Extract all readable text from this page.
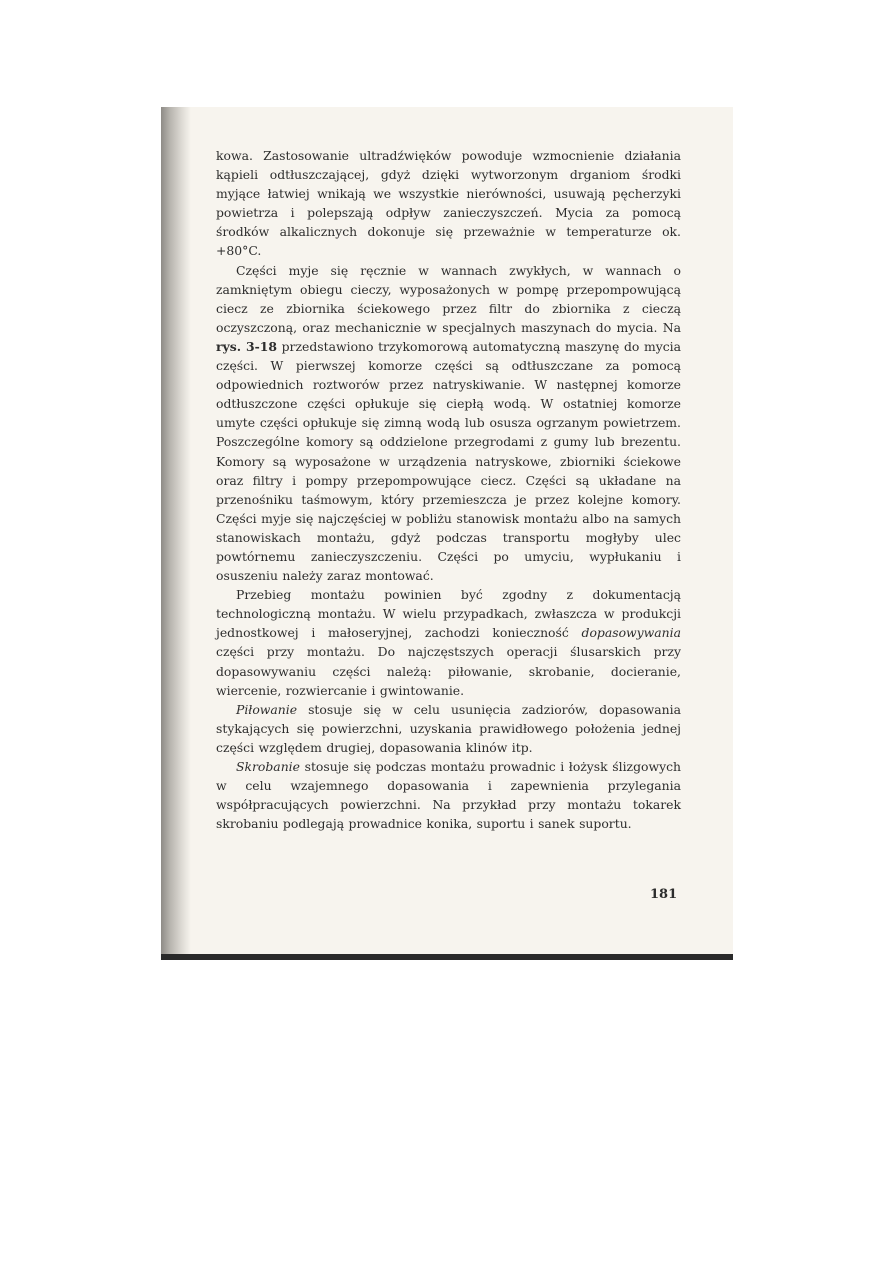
kowa. Zastosowanie ultradźwięków powoduje wzmocnienie działania kąpieli odtłuszczającej, gdyż dzięki wytworzonym drganiom środki myjące łatwiej wnikają we wszystkie nierówności, usuwają pęcherzyki powietrza i polepszają odpływ zanieczyszczeń. Mycia za pomocą środków alkalicznych dokonuje się przeważnie w temperaturze ok. +80°C.

Części myje się ręcznie w wannach zwykłych, w wannach o zamkniętym obiegu cieczy, wyposażonych w pompę przepompowującą ciecz ze zbiornika ściekowego przez filtr do zbiornika z cieczą oczyszczoną, oraz mechanicznie w specjalnych maszynach do mycia. Na rys. 3-18 przedstawiono trzykomorową automatyczną maszynę do mycia części. W pierwszej komorze części są odtłuszczane za pomocą odpowiednich roztworów przez natryskiwanie. W następnej komorze odtłuszczone części opłukuje się ciepłą wodą. W ostatniej komorze umyte części opłukuje się zimną wodą lub osusza ogrzanym powietrzem. Poszczególne komory są oddzielone przegrodami z gumy lub brezentu. Komory są wyposażone w urządzenia natryskowe, zbiorniki ściekowe oraz filtry i pompy przepompowujące ciecz. Części są układane na przenośniku taśmowym, który przemieszcza je przez kolejne komory. Części myje się najczęściej w pobliżu stanowisk montażu albo na samych stanowiskach montażu, gdyż podczas transportu mogłyby ulec powtórnemu zanieczyszczeniu. Części po umyciu, wypłukaniu i osuszeniu należy zaraz montować.

Przebieg montażu powinien być zgodny z dokumentacją technologiczną montażu. W wielu przypadkach, zwłaszcza w produkcji jednostkowej i małoseryjnej, zachodzi konieczność dopasowywania części przy montażu. Do najczęstszych operacji ślusarskich przy dopasowywaniu części należą: piłowanie, skrobanie, docieranie, wiercenie, rozwiercanie i gwintowanie.

Piłowanie stosuje się w celu usunięcia zadziorów, dopasowania stykających się powierzchni, uzyskania prawidłowego położenia jednej części względem drugiej, dopasowania klinów itp.

Skrobanie stosuje się podczas montażu prowadnic i łożysk ślizgowych w celu wzajemnego dopasowania i zapewnienia przylegania współpracujących powierzchni. Na przykład przy montażu tokarek skrobaniu podlegają prowadnice konika, suportu i sanek suportu.

181
